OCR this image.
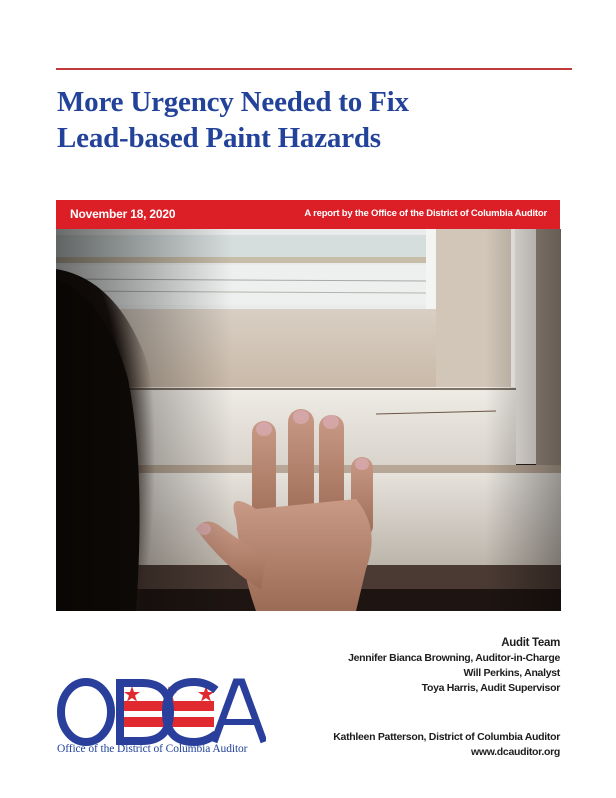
More Urgency Needed to Fix
Lead-based Paint Hazards
November 18, 2020	A report by the Office of the District of Columbia Auditor
Audit Team
Jennifer Bianca Browning, Auditor-in-Charge
Will Perkins, Analyst
Toya Harris, Audit Supervisor
Kathleen Patterson, District of Columbia Auditor
www.dcauditor.org
Office of the District of Columbia Auditor
